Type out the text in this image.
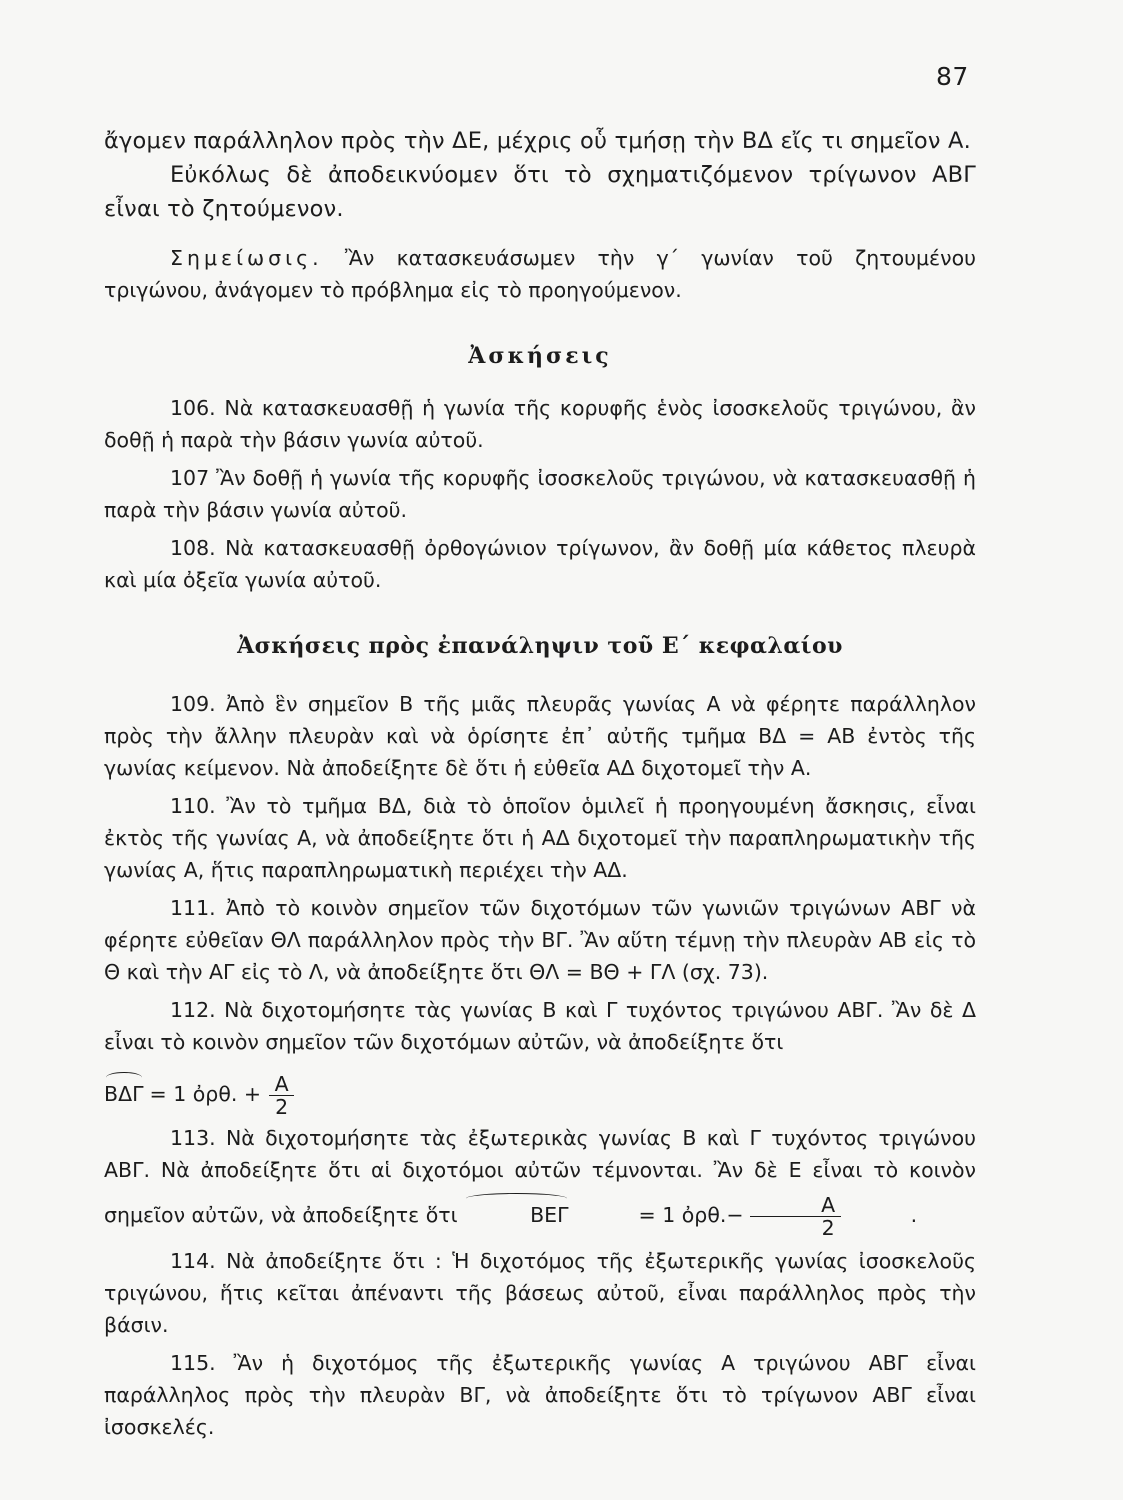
87

ἄγομεν παράλληλον πρὸς τὴν ΔΕ, μέχρις οὗ τμήσῃ τὴν ΒΔ εἴς τι σημεῖον Α.

Εὐκόλως δὲ ἀποδεικνύομεν ὅτι τὸ σχηματιζόμενον τρίγωνον ΑΒΓ εἶναι τὸ ζητούμενον.

Σημείωσις. Ἂν κατασκευάσωμεν τὴν γ΄ γωνίαν τοῦ ζητουμένου τριγώνου, ἀνάγομεν τὸ πρόβλημα εἰς τὸ προηγούμενον.

Ἀσκήσεις

106. Νὰ κατασκευασθῇ ἡ γωνία τῆς κορυφῆς ἑνὸς ἰσοσκελοῦς τριγώνου, ἂν δοθῇ ἡ παρὰ τὴν βάσιν γωνία αὐτοῦ.

107 Ἂν δοθῇ ἡ γωνία τῆς κορυφῆς ἰσοσκελοῦς τριγώνου, νὰ κατασκευασθῇ ἡ παρὰ τὴν βάσιν γωνία αὐτοῦ.

108. Νὰ κατασκευασθῇ ὀρθογώνιον τρίγωνον, ἂν δοθῇ μία κάθετος πλευρὰ καὶ μία ὀξεῖα γωνία αὐτοῦ.

Ἀσκήσεις πρὸς ἐπανάληψιν τοῦ Ε΄ κεφαλαίου

109. Ἀπὸ ἓν σημεῖον Β τῆς μιᾶς πλευρᾶς γωνίας Α νὰ φέρητε παράλληλον πρὸς τὴν ἄλλην πλευρὰν καὶ νὰ ὁρίσητε ἐπ᾽ αὐτῆς τμῆμα ΒΔ = ΑΒ ἐντὸς τῆς γωνίας κείμενον. Νὰ ἀποδείξητε δὲ ὅτι ἡ εὐθεῖα ΑΔ διχοτομεῖ τὴν Α.

110. Ἂν τὸ τμῆμα ΒΔ, διὰ τὸ ὁποῖον ὁμιλεῖ ἡ προηγουμένη ἄσκησις, εἶναι ἐκτὸς τῆς γωνίας Α, νὰ ἀποδείξητε ὅτι ἡ ΑΔ διχοτομεῖ τὴν παραπληρωματικὴν τῆς γωνίας Α, ἥτις παραπληρωματικὴ περιέχει τὴν ΑΔ.

111. Ἀπὸ τὸ κοινὸν σημεῖον τῶν διχοτόμων τῶν γωνιῶν τριγώνων ΑΒΓ νὰ φέρητε εὐθεῖαν ΘΛ παράλληλον πρὸς τὴν ΒΓ. Ἂν αὕτη τέμνῃ τὴν πλευρὰν ΑΒ εἰς τὸ Θ καὶ τὴν ΑΓ εἰς τὸ Λ, νὰ ἀποδείξητε ὅτι ΘΛ = ΒΘ + ΓΛ (σχ. 73).

112. Νὰ διχοτομήσητε τὰς γωνίας Β καὶ Γ τυχόντος τριγώνου ΑΒΓ. Ἂν δὲ Δ εἶναι τὸ κοινὸν σημεῖον τῶν διχοτόμων αὐτῶν, νὰ ἀποδείξητε ὅτι

ΒΔΓ = 1 ὀρθ. + $\frac{A}{2}$

113. Νὰ διχοτομήσητε τὰς ἐξωτερικὰς γωνίας Β καὶ Γ τυχόντος τριγώνου ΑΒΓ. Νὰ ἀποδείξητε ὅτι αἱ διχοτόμοι αὐτῶν τέμνονται. Ἂν δὲ Ε εἶναι τὸ κοινὸν σημεῖον αὐτῶν, νὰ ἀποδείξητε ὅτι	ΒΕΓ	= 1 ὀρθ.− $\frac{A}{2}$	.

114. Νὰ ἀποδείξητε ὅτι : Ἡ διχοτόμος τῆς ἐξωτερικῆς γωνίας ἰσοσκελοῦς τριγώνου, ἥτις κεῖται ἀπέναντι τῆς βάσεως αὐτοῦ, εἶναι παράλληλος πρὸς τὴν βάσιν.

115. Ἂν ἡ διχοτόμος τῆς ἐξωτερικῆς γωνίας Α τριγώνου ΑΒΓ εἶναι παράλληλος πρὸς τὴν πλευρὰν ΒΓ, νὰ ἀποδείξητε ὅτι τὸ τρίγωνον ΑΒΓ εἶναι ἰσοσκελές.
